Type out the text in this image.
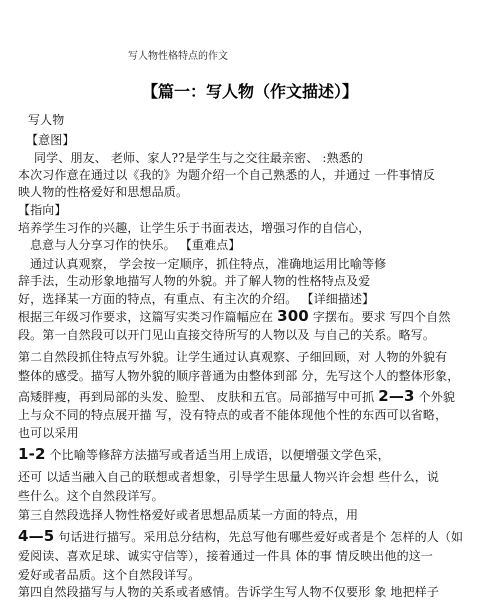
写人物性格特点的作文
【篇一：写人物（作文描述）】
写人物
【意图】
同学、朋友、 老师、家人??是学生与之交往最亲密、 :熟悉的
本次习作意在通过以《我的》为题介绍一个自己熟悉的人，并通过 一件事情反
映人物的性格爱好和思想品质。
【指向】
培养学生习作的兴趣，让学生乐于书面表达，增强习作的自信心，
息意与人分享习作的快乐。 【重难点】
通过认真观察， 学会按一定顺序，抓住特点，准确地运用比喻等修
辞手法，生动形象地描写人物的外貌。并了解人物的性格特点及爱
好，选择某一方面的特点，有重点、有主次的介绍。 【详细描述】
根据三年级习作要求，这篇写实类习作篇幅应在 300 字摆布。要求 写四个自然
段。第一自然段可以开门见山直接交待所写的人物以及 与自己的关系。略写。
第二自然段抓住特点写外貌。让学生通过认真观察、子细回顾，对 人物的外貌有
整体的感受。描写人物外貌的顺序普通为由整体到部 分，先写这个人的整体形象，
高矮胖瘦，再到局部的头发、脸型、 皮肤和五官。局部描写中可抓 2—3 个外貌
上与众不同的特点展开描 写，没有特点的或者不能体现他个性的东西可以省略，
也可以采用
1-2 个比喻等修辞方法描写或者适当用上成语，以便增强文学色采，
还可 以适当融入自己的联想或者想象，引导学生思量人物兴许会想 些什么，说
些什么。这个自然段详写。
第三自然段选择人物性格爱好或者思想品质某一方面的特点，用
4—5 句话进行描写。采用总分结构，先总写他有哪些爱好或者是个 怎样的人（如
爱阅读、喜欢足球、诚实守信等），接着通过一件具 体的事 情反映出他的这一
爱好或者品质。这个自然段详写。
第四自然段描写与人物的关系或者感情。告诉学生写人物不仅要形 象 地把样子
